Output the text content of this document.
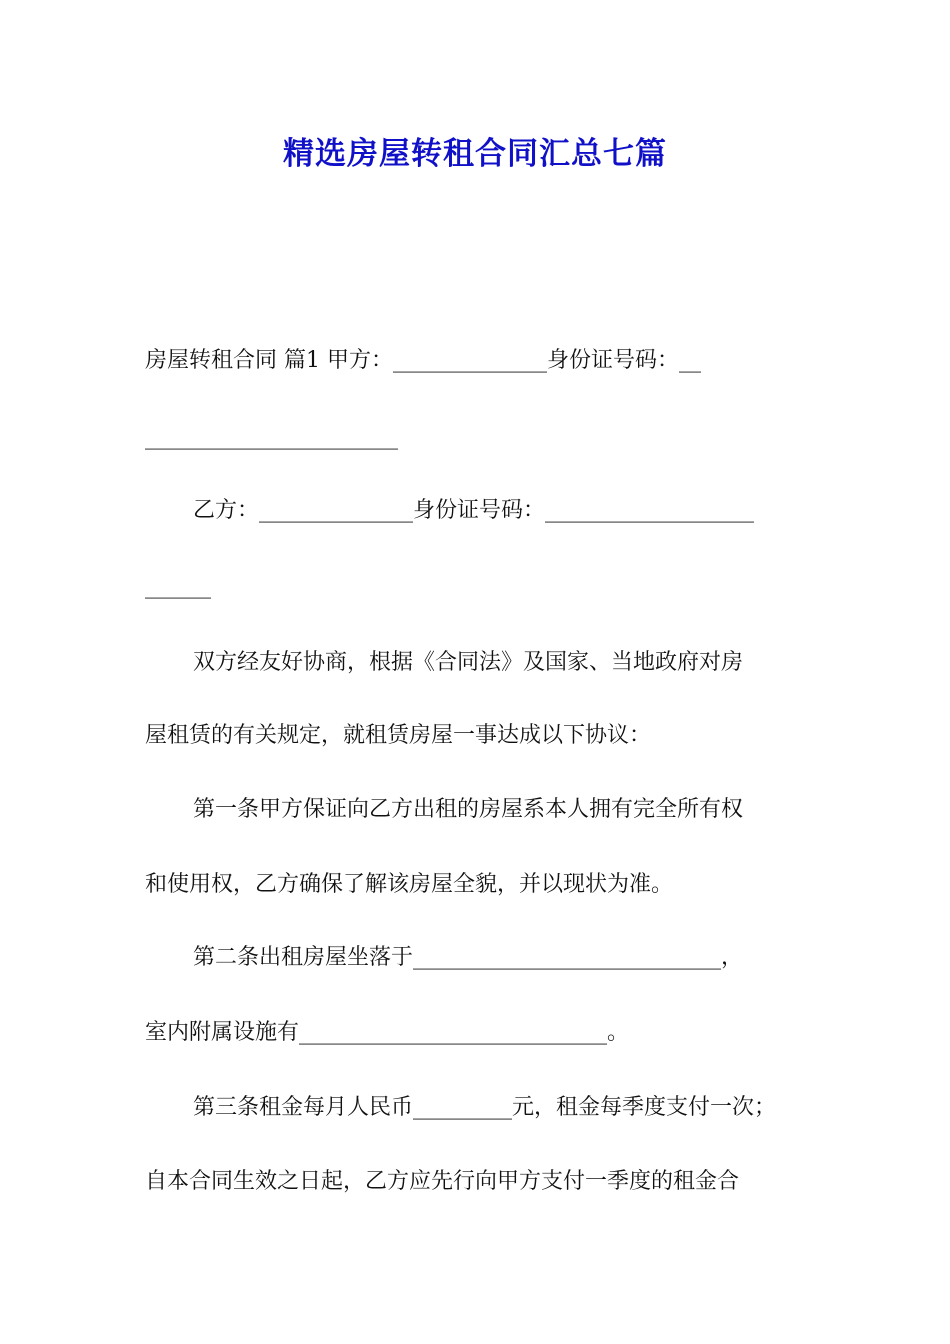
精选房屋转租合同汇总七篇
房屋转租合同 篇1 甲方：______________身份证号码：__
_______________________
乙方：______________身份证号码：___________________
______
双方经友好协商，根据《合同法》及国家、当地政府对房
屋租赁的有关规定，就租赁房屋一事达成以下协议：
第一条甲方保证向乙方出租的房屋系本人拥有完全所有权
和使用权，乙方确保了解该房屋全貌，并以现状为准。
第二条出租房屋坐落于____________________________，
室内附属设施有____________________________。
第三条租金每月人民币_________元，租金每季度支付一次；
自本合同生效之日起，乙方应先行向甲方支付一季度的租金合
